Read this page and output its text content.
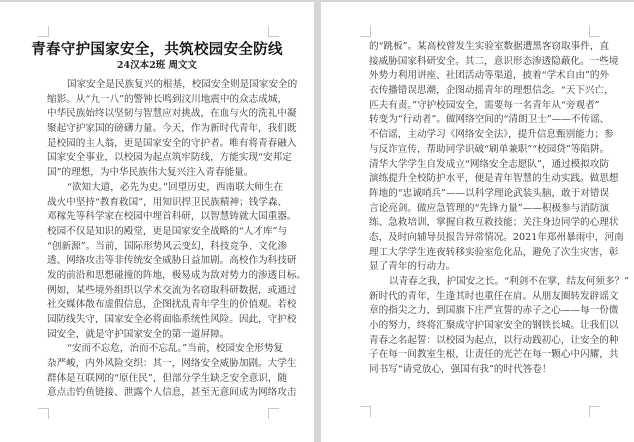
青春守护国家安全，共筑校园安全防线
24汉本2班 周文文
国家安全是民族复兴的根基，校园安全则是国家安全的
缩影。从“九一八”的警钟长鸣到汶川地震中的众志成城，
中华民族始终以坚韧与智慧应对挑战，在血与火的洗礼中凝
聚起守护家国的磅礴力量。今天，作为新时代青年，我们既
是校园的主人翁，更是国家安全的守护者。唯有将青春融入
国家安全事业，以校园为起点筑牢防线，方能实现“安邦定
国”的理想，为中华民族伟大复兴注入青春能量。
“欲知大道，必先为史。”回望历史，西南联大师生在
战火中坚持“教育救国”，用知识捍卫民族精神；钱学森、
邓稼先等科学家在校园中埋首科研，以智慧铸就大国重器。
校园不仅是知识的殿堂，更是国家安全战略的“人才库”与
“创新源”。当前，国际形势风云变幻，科技竞争、文化渗
透、网络攻击等非传统安全威胁日益加剧。高校作为科技研
发的前沿和思想碰撞的阵地，极易成为敌对势力的渗透目标。
例如，某些境外组织以学术交流为名窃取科研数据，或通过
社交媒体散布虚假信息，企图扰乱青年学生的价值观。若校
园防线失守，国家安全必将面临系统性风险。因此，守护校
园安全，就是守护国家安全的第一道屏障。
“安而不忘危，治而不忘乱。”当前，校园安全形势复
杂严峻，内外风险交织：其一，网络安全威胁加剧。大学生
群体是互联网的“原住民”，但部分学生缺乏安全意识，随
意点击钓鱼链接、泄露个人信息，甚至无意间成为网络攻击
的“跳板”。某高校曾发生实验室数据遭黑客窃取事件，直
接威胁国家科研安全。其二，意识形态渗透隐蔽化。一些境
外势力利用讲座、社团活动等渠道，披着“学术自由”的外
衣传播错误思潮，企图动摇青年的理想信念。“天下兴亡，
匹夫有责。”守护校园安全，需要每一名青年从“旁观者”
转变为“行动者”。做网络空间的“清朗卫士”——不传谣、
不信谣，主动学习《网络安全法》，提升信息甄别能力；参
与反诈宣传，帮助同学识破“刷单兼职”“校园贷”等陷阱。
清华大学学生自发成立“网络安全志愿队”，通过模拟攻防
演练提升全校防护水平，便是青年智慧的生动实践。做思想
阵地的“忠诚哨兵”——以科学理论武装头脑，敢于对错误
言论亮剑。做应急管理的“先锋力量”——积极参与消防演
练、急救培训，掌握自救互救技能；关注身边同学的心理状
态，及时向辅导员报告异常情况。2021年郑州暴雨中，河南
理工大学学生连夜转移实验室危化品，避免了次生灾害，彰
显了青年的行动力。
以青春之我，护国安之长。“利剑不在掌，结友何须多？”
新时代的青年，生逢其时也重任在肩。从朋友圈转发辟谣文
章的指尖之力，到国旗下庄严宣誓的赤子之心——每一份微
小的努力，终将汇聚成守护国家安全的钢铁长城。让我们以
青春之名起誓：以校园为起点，以行动践初心，让安全的种
子在每一间教室生根，让责任的光芒在每一颗心中闪耀，共
同书写“请党放心，强国有我”的时代答卷！
